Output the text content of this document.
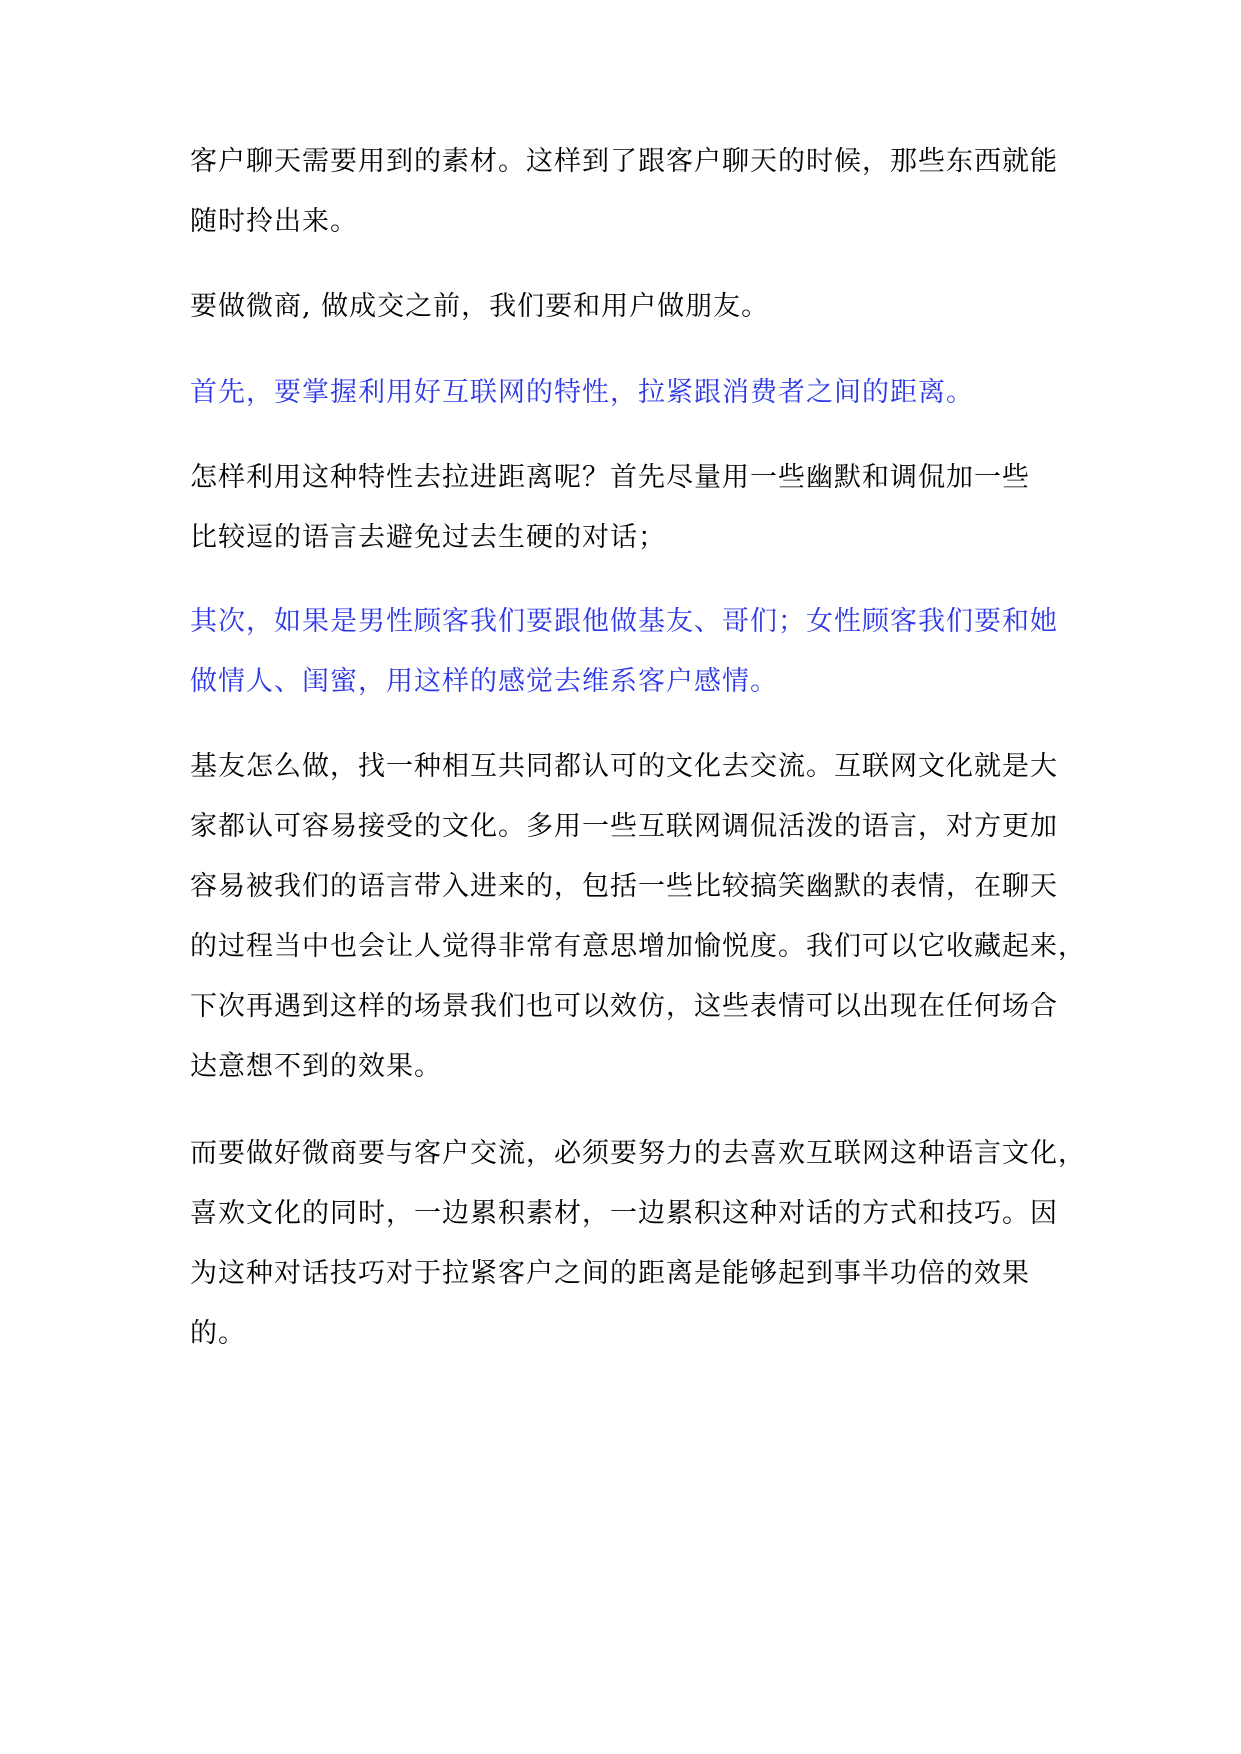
客户聊天需要用到的素材。这样到了跟客户聊天的时候，那些东西就能
随时拎出来。
要做微商, 做成交之前，我们要和用户做朋友。
首先，要掌握利用好互联网的特性，拉紧跟消费者之间的距离。
怎样利用这种特性去拉进距离呢？首先尽量用一些幽默和调侃加一些
比较逗的语言去避免过去生硬的对话；
其次，如果是男性顾客我们要跟他做基友、哥们；女性顾客我们要和她
做情人、闺蜜，用这样的感觉去维系客户感情。
基友怎么做，找一种相互共同都认可的文化去交流。互联网文化就是大
家都认可容易接受的文化。多用一些互联网调侃活泼的语言，对方更加
容易被我们的语言带入进来的，包括一些比较搞笑幽默的表情，在聊天
的过程当中也会让人觉得非常有意思增加愉悦度。我们可以它收藏起来，
下次再遇到这样的场景我们也可以效仿，这些表情可以出现在任何场合
达意想不到的效果。
而要做好微商要与客户交流，必须要努力的去喜欢互联网这种语言文化，
喜欢文化的同时，一边累积素材，一边累积这种对话的方式和技巧。因
为这种对话技巧对于拉紧客户之间的距离是能够起到事半功倍的效果
的。
